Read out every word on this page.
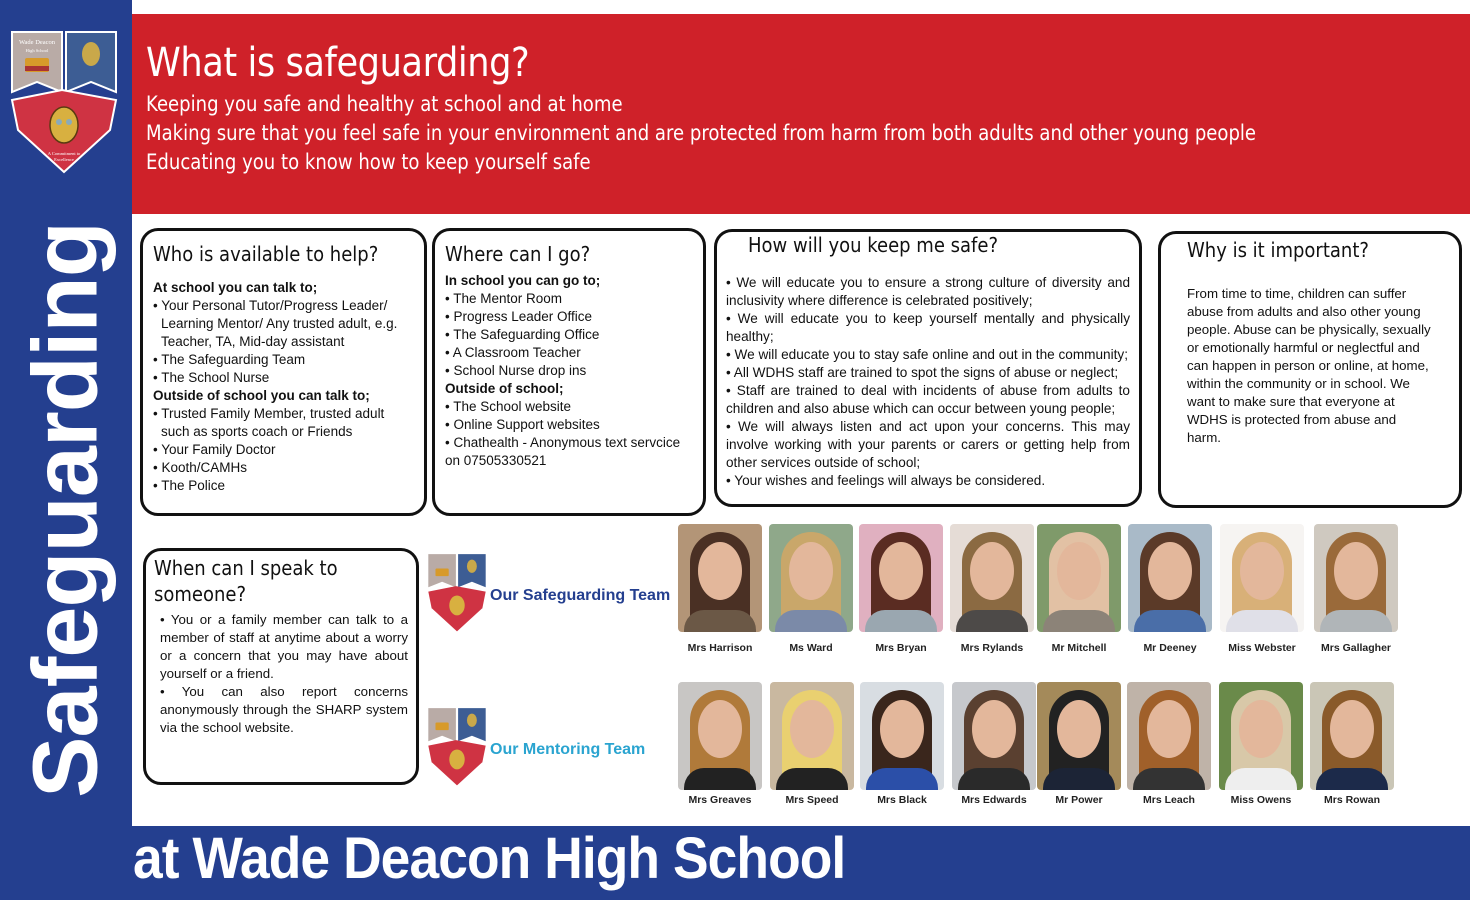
at Wade Deacon High School
Safeguarding
Wade Deacon
High School
A Commitment to
Excellence
What is safeguarding?
Keeping you safe and healthy at school and at home
Making sure that you feel safe in your environment and are protected from harm from both adults and other young people
Educating you to know how to keep yourself safe
Who is available to help?
At school you can talk to;
• Your Personal Tutor/Progress Leader/
Learning Mentor/ Any trusted adult, e.g.
Teacher, TA, Mid-day assistant
• The Safeguarding Team
• The School Nurse
Outside of school you can talk to;
• Trusted Family Member, trusted adult
such as sports coach or Friends
• Your Family Doctor
• Kooth/CAMHs
• The Police
Where can I go?
In school you can go to;
• The Mentor Room
• Progress Leader Office
• The Safeguarding Office
• A Classroom Teacher
• School Nurse drop ins
Outside of school;
• The School website
• Online Support websites
• Chathealth - Anonymous text servcice on 07505330521
How will you keep me safe?
• We will educate you to ensure a strong culture of diversity and inclusivity where difference is celebrated positively;
• We will educate you to keep yourself mentally and physically healthy;
• We will educate you to stay safe online and out in the community;
• All WDHS staff are trained to spot the signs of abuse or neglect;
• Staff are trained to deal with incidents of abuse from adults to children and also abuse which can occur between young people;
• We will always listen and act upon your concerns. This may involve working with your parents or carers or getting help from other services outside of school;
• Your wishes and feelings will always be considered.
Why is it important?

From time to time, children can suffer abuse from adults and also other young people. Abuse can be physically, sexually or emotionally harmful or neglectful and can happen in person or online, at home, within the community or in school. We want to make sure that everyone at WDHS is protected from abuse and harm.

When can I speak to someone?
• You or a family member can talk to a member of staff at anytime about a worry or a concern that you may have about yourself or a friend.
• You can also report concerns anonymously through the SHARP system via the school website.
Our Safeguarding Team
Our Mentoring Team
Mrs Harrison	Ms Ward	Mrs Bryan	Mrs Rylands	Mr Mitchell	Mr Deeney	Miss Webster	Mrs Gallagher
Mrs Greaves	Mrs Speed	Mrs Black	Mrs Edwards	Mr Power	Mrs Leach	Miss Owens	Mrs Rowan
